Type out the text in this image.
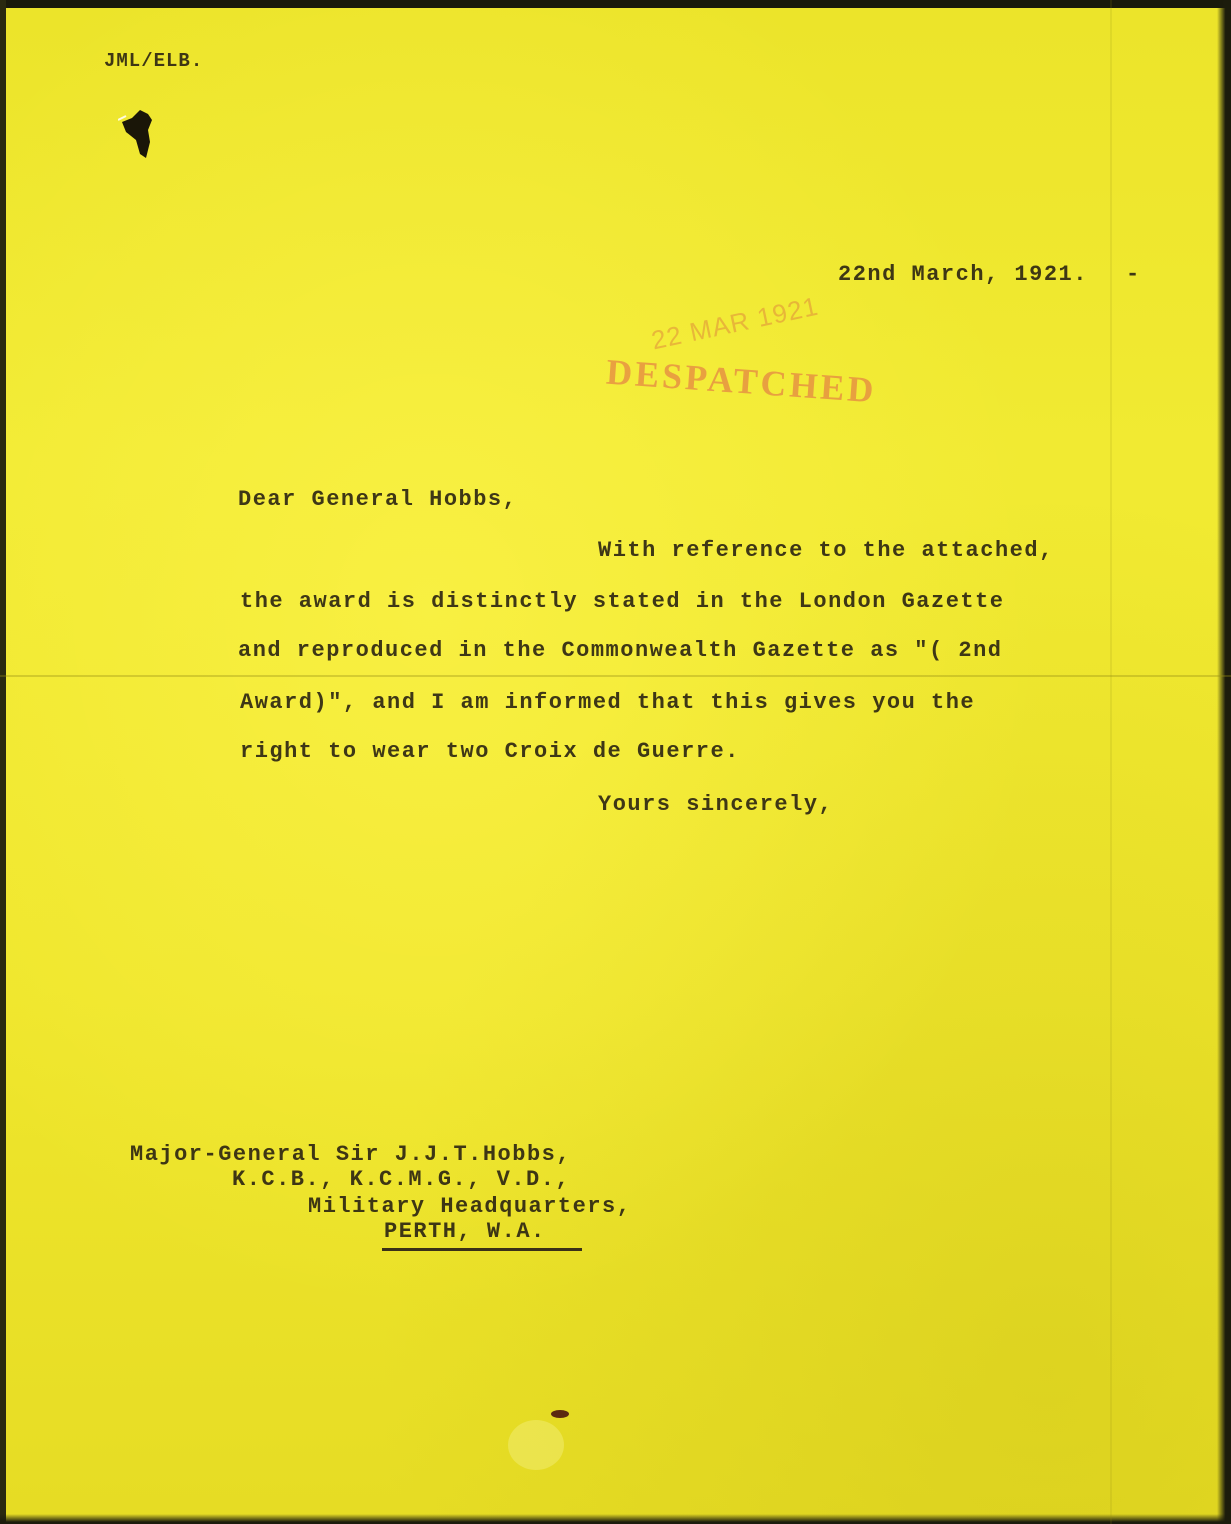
JML/ELB.

22nd March, 1921. -
22 MAR 1921
DESPATCHED

Dear General Hobbs,

With reference to the attached,

the award is distinctly stated in the London Gazette

and reproduced in the Commonwealth Gazette as "( 2nd

Award)", and I am informed that this gives you the

right to wear two Croix de Guerre.

Yours sincerely,

Major-General Sir J.J.T.Hobbs,

K.C.B., K.C.M.G., V.D.,

Military Headquarters,

PERTH, W.A.
